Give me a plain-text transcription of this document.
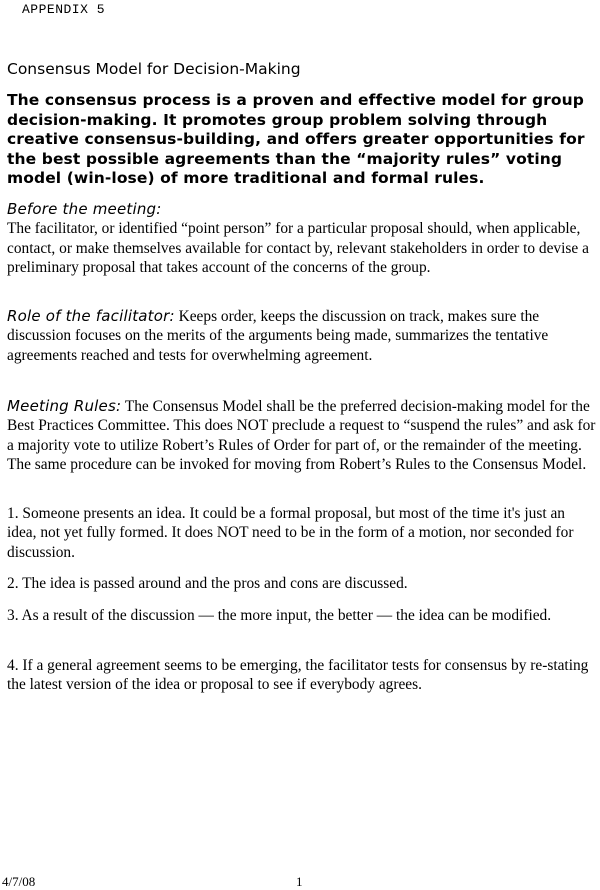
APPENDIX 5

Consensus Model for Decision-Making

The consensus process is a proven and effective model for group decision-making. It promotes group problem solving through creative consensus-building, and offers greater opportunities for the best possible agreements than the “majority rules” voting model (win-lose) of more traditional and formal rules.

Before the meeting:
The facilitator, or identified “point person” for a particular proposal should, when applicable, contact, or make themselves available for contact by, relevant stakeholders in order to devise a preliminary proposal that takes account of the concerns of the group.

Role of the facilitator: Keeps order, keeps the discussion on track, makes sure the discussion focuses on the merits of the arguments being made, summarizes the tentative agreements reached and tests for overwhelming agreement.

Meeting Rules: The Consensus Model shall be the preferred decision-making model for the Best Practices Committee. This does NOT preclude a request to “suspend the rules” and ask for a majority vote to utilize Robert’s Rules of Order for part of, or the remainder of the meeting. The same procedure can be invoked for moving from Robert’s Rules to the Consensus Model.

1. Someone presents an idea. It could be a formal proposal, but most of the time it's just an idea, not yet fully formed. It does NOT need to be in the form of a motion, nor seconded for discussion.

2. The idea is passed around and the pros and cons are discussed.

3. As a result of the discussion — the more input, the better — the idea can be modified.

4. If a general agreement seems to be emerging, the facilitator tests for consensus by re-stating the latest version of the idea or proposal to see if everybody agrees.

4/7/08	1
